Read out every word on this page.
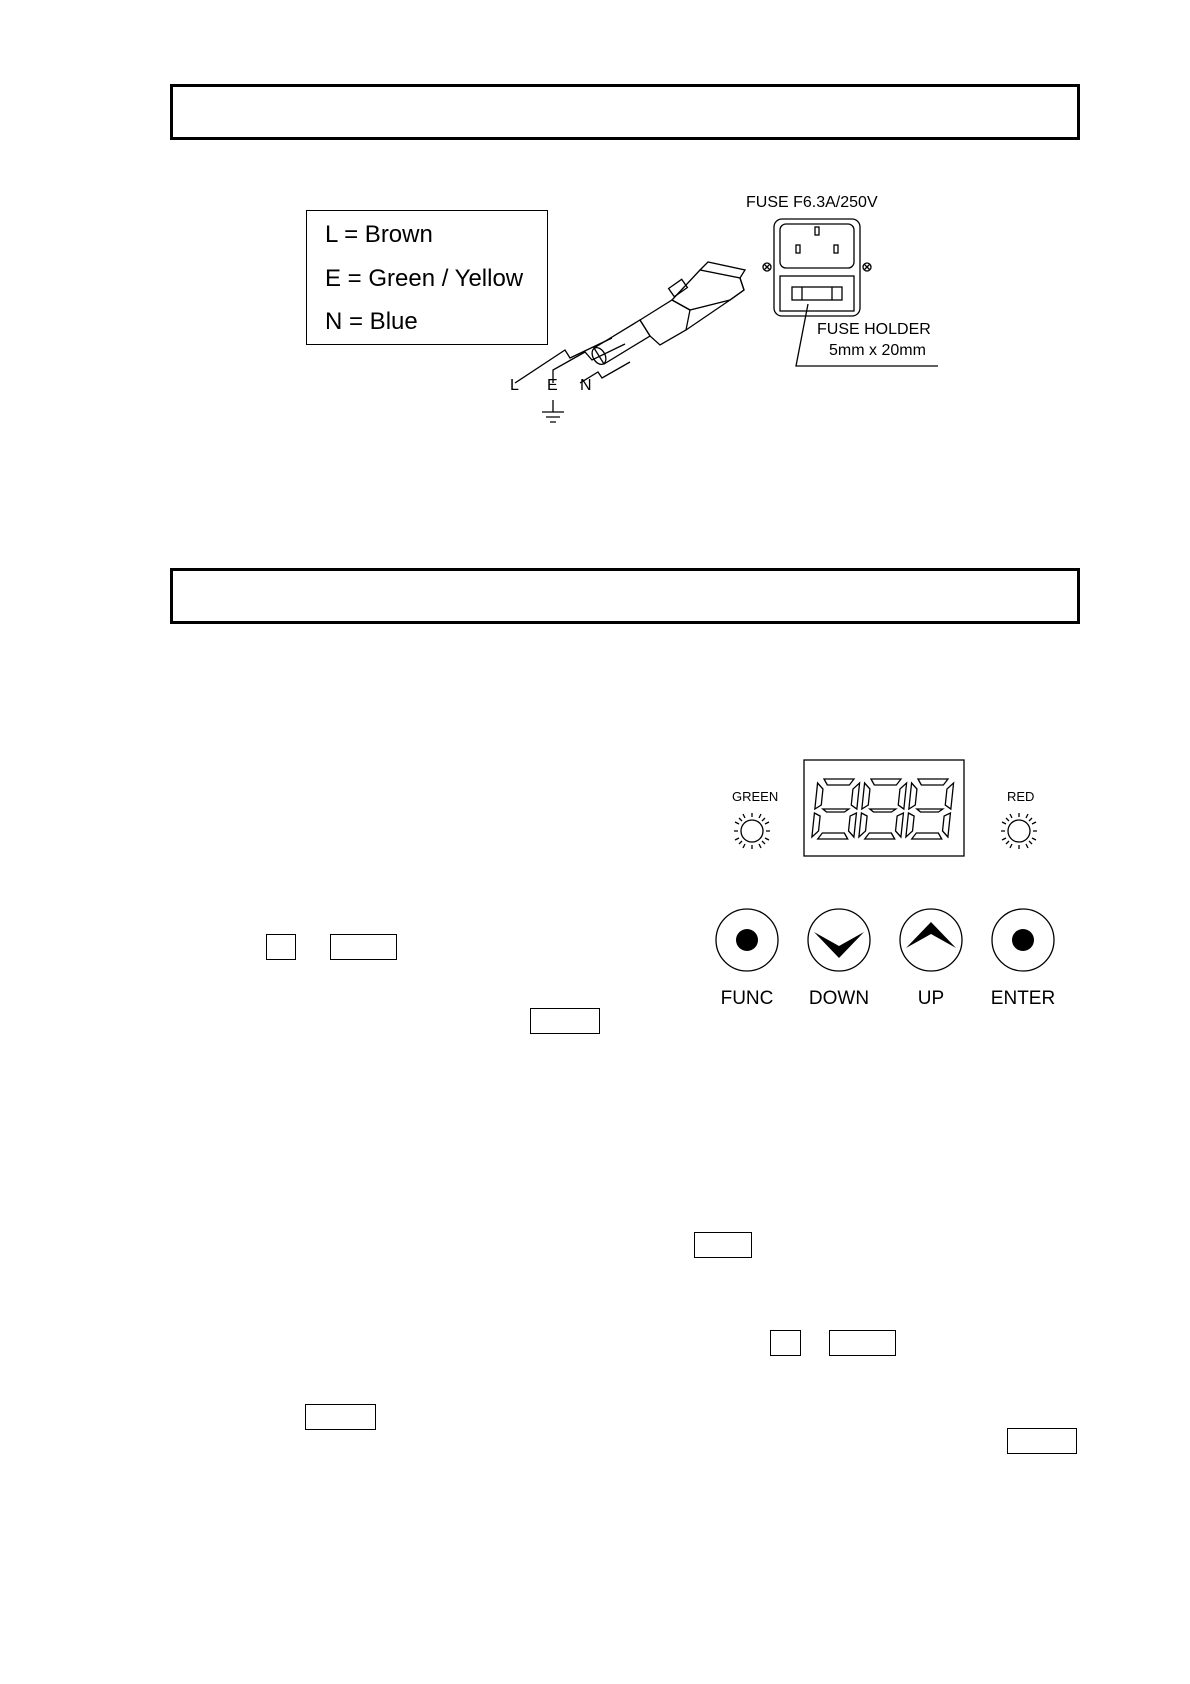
L = Brown
E = Green / Yellow
N = Blue
L E N
FUSE F6.3A/250V
FUSE HOLDER
5mm x 20mm
GREEN	RED
FUNC	DOWN	UP	ENTER
